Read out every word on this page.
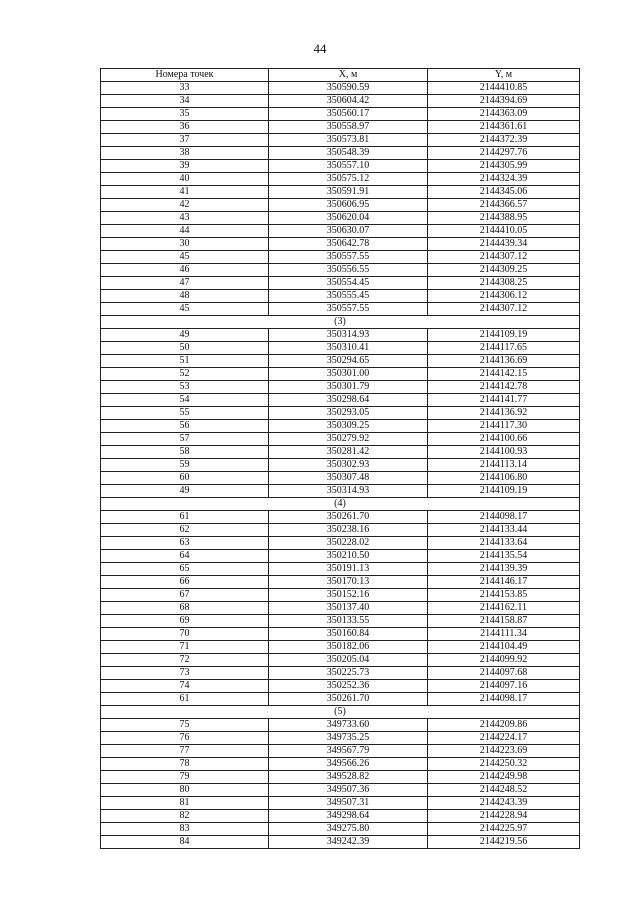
44
Номера точек	X, м	Y, м
33	350590.59	2144410.85
34	350604.42	2144394.69
35	350560.17	2144363.09
36	350558.97	2144361.61
37	350573.81	2144372.39
38	350548.39	2144297.76
39	350557.10	2144305.99
40	350575.12	2144324.39
41	350591.91	2144345.06
42	350606.95	2144366.57
43	350620.04	2144388.95
44	350630.07	2144410.05
30	350642.78	2144439.34
45	350557.55	2144307.12
46	350556.55	2144309.25
47	350554.45	2144308.25
48	350555.45	2144306.12
45	350557.55	2144307.12
(3)		
49	350314.93	2144109.19
50	350310.41	2144117.65
51	350294.65	2144136.69
52	350301.00	2144142.15
53	350301.79	2144142.78
54	350298.64	2144141.77
55	350293.05	2144136.92
56	350309.25	2144117.30
57	350279.92	2144100.66
58	350281.42	2144100.93
59	350302.93	2144113.14
60	350307.48	2144106.80
49	350314.93	2144109.19
(4)		
61	350261.70	2144098.17
62	350238.16	2144133.44
63	350228.02	2144133.64
64	350210.50	2144135.54
65	350191.13	2144139.39
66	350170.13	2144146.17
67	350152.16	2144153.85
68	350137.40	2144162.11
69	350133.55	2144158.87
70	350160.84	2144111.34
71	350182.06	2144104.49
72	350205.04	2144099.92
73	350225.73	2144097.68
74	350252.36	2144097.16
61	350261.70	2144098.17
(5)		
75	349733.60	2144209.86
76	349735.25	2144224.17
77	349567.79	2144223.69
78	349566.26	2144250.32
79	349528.82	2144249.98
80	349507.36	2144248.52
81	349507.31	2144243.39
82	349298.64	2144228.94
83	349275.80	2144225.97
84	349242.39	2144219.56
